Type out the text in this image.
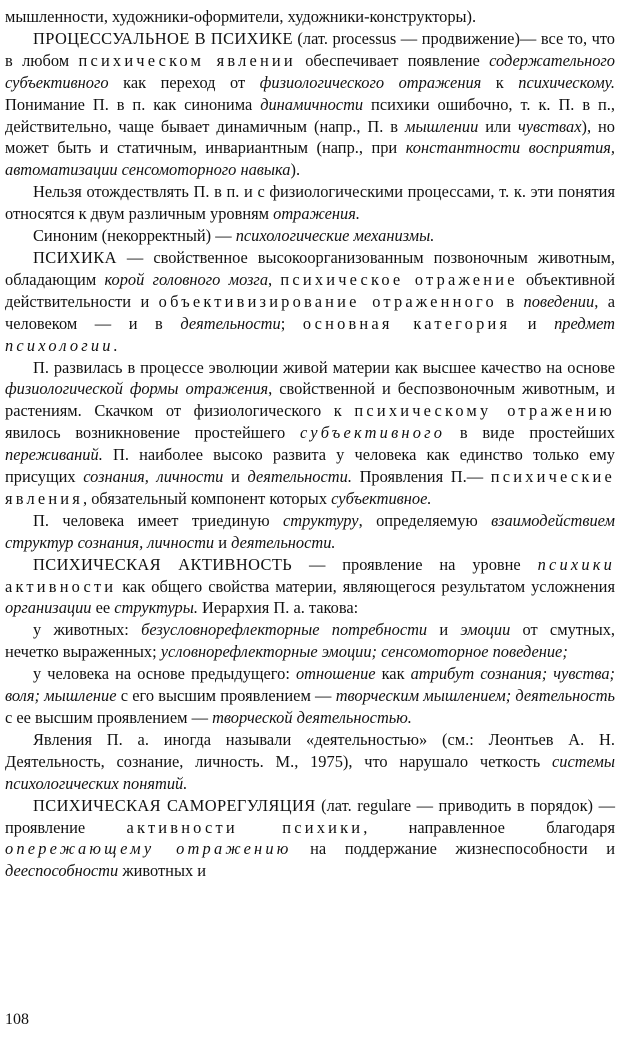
мышленности, художники-оформители, художники-конструкторы).

ПРОЦЕССУАЛЬНОЕ В ПСИХИКЕ (лат. processus — продвижение)— все то, что в любом психическом явлении обеспечивает появление содержательного субъективного как переход от физиологического отражения к психическому. Понимание П. в п. как синонима динамичности психики ошибочно, т. к. П. в п., действительно, чаще бывает динамичным (напр., П. в мышлении или чувствах), но может быть и статичным, инвариантным (напр., при константности восприятия, автоматизации сенсомоторного навыка).

Нельзя отождествлять П. в п. и с физиологическими процессами, т. к. эти понятия относятся к двум различным уровням отражения.

Синоним (некорректный) — психологические механизмы.

ПСИХИКА — свойственное высокоорганизованным позвоночным животным, обладающим корой головного мозга, психическое отражение объективной действительности и объективизирование отраженного в поведении, а человеком — и в деятельности; основная категория и предмет психологии.

П. развилась в процессе эволюции живой материи как высшее качество на основе физиологической формы отражения, свойственной и беспозвоночным животным, и растениям. Скачком от физиологического к психическому отражению явилось возникновение простейшего субъективного в виде простейших переживаний. П. наиболее высоко развита у человека как единство только ему присущих сознания, личности и деятельности. Проявления П.— психические явления, обязательный компонент которых субъективное.

П. человека имеет триединую структуру, определяемую взаимодействием структур сознания, личности и деятельности.

ПСИХИЧЕСКАЯ АКТИВНОСТЬ — проявление на уровне психики активности как общего свойства материи, являющегося результатом усложнения организации ее структуры. Иерархия П. а. такова:

у животных: безусловнорефлекторные потребности и эмоции от смутных, нечетко выраженных; условнорефлекторные эмоции; сенсомоторное поведение;

у человека на основе предыдущего: отношение как атрибут сознания; чувства; воля; мышление с его высшим проявлением — творческим мышлением; деятельность с ее высшим проявлением — творческой деятельностью.

Явления П. а. иногда называли «деятельностью» (см.: Леонтьев А. Н. Деятельность, сознание, личность. М., 1975), что нарушало четкость системы психологических понятий.

ПСИХИЧЕСКАЯ САМОРЕГУЛЯЦИЯ (лат. regulare — приводить в порядок) — проявление активности психики, направленное благодаря опережающему отражению на поддержание жизнеспособности и дееспособности животных и

108
